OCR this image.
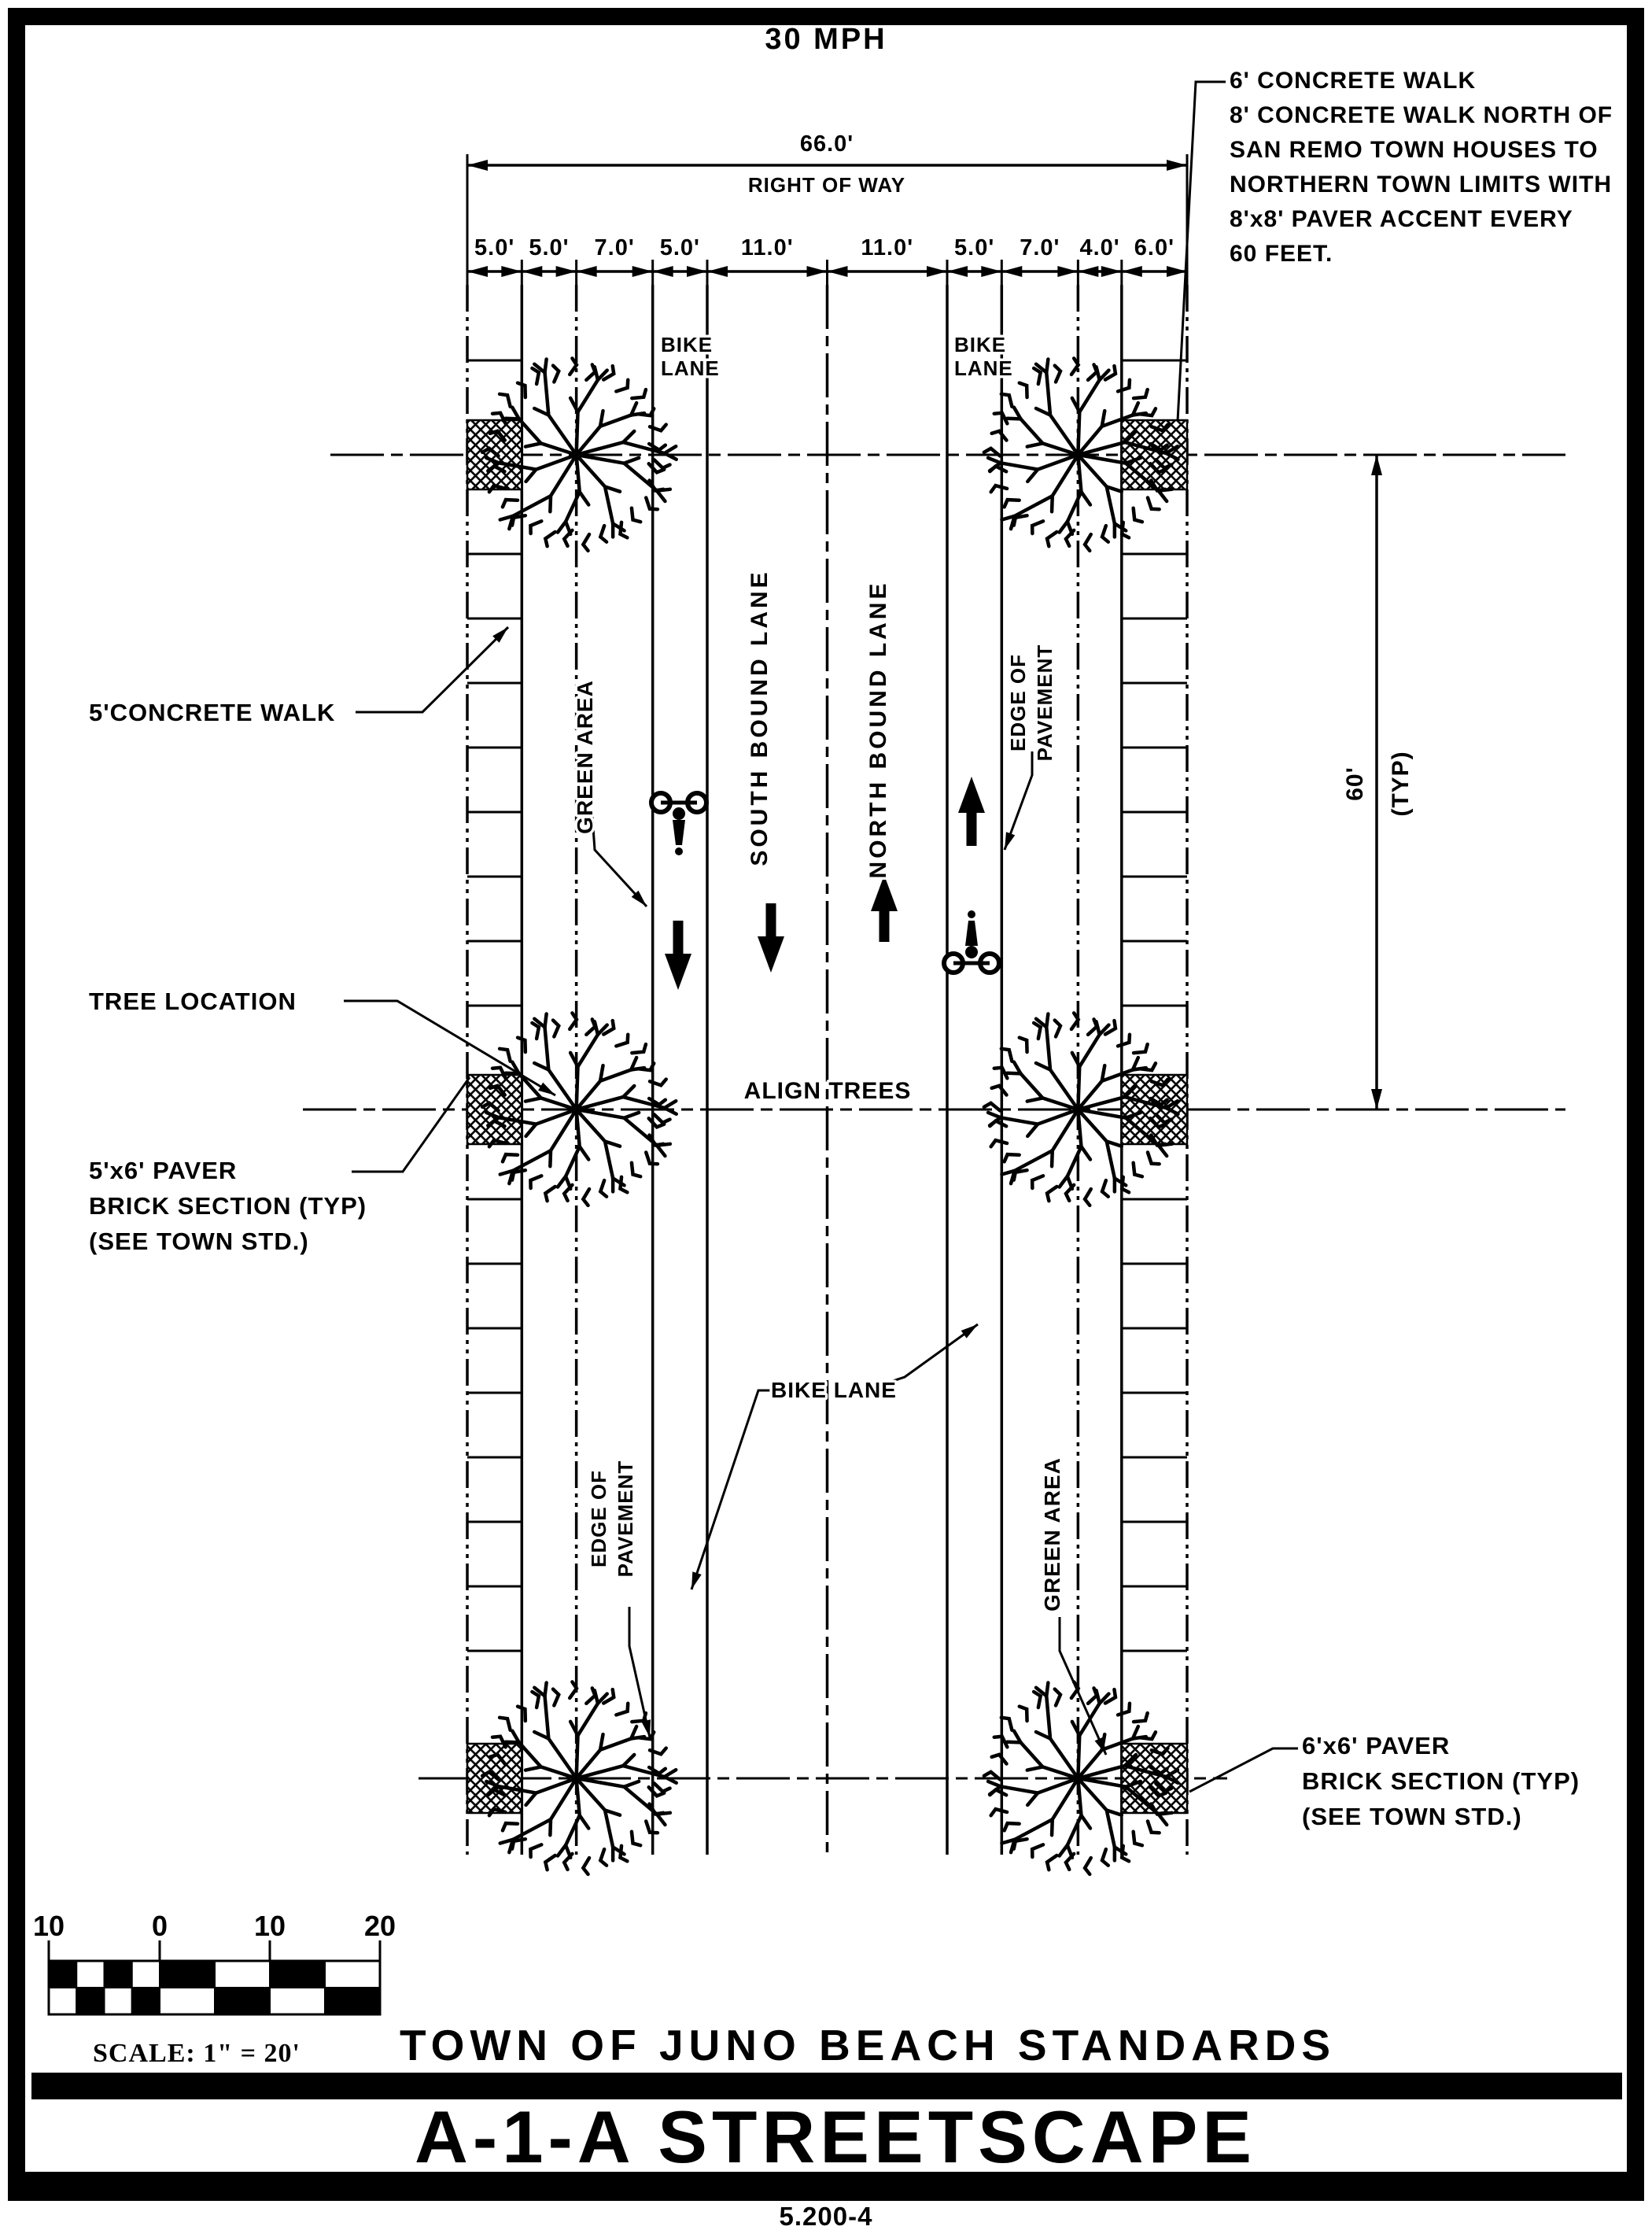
5.0' 5.0' 7.0' 5.0' 11.0'	11.0' 5.0' 7.0' 4.0' 6.0'
30 MPH
66.0'
RIGHT OF WAY
6' CONCRETE WALK
8' CONCRETE WALK NORTH OF
SAN REMO TOWN HOUSES TO
NORTHERN TOWN LIMITS WITH
8'x8' PAVER ACCENT EVERY
60 FEET.
60' (TYP)
BIKE
LANE
BIKE
LANE
GREEN AREA	SOUTH BOUND LANE	NORTH BOUND LANE	EDGE OF PAVEMENT
EDGE OF PAVEMENT	GREEN AREA
ALIGN TREES
BIKE LANE
5'CONCRETE WALK
TREE LOCATION
5'x6' PAVER
BRICK SECTION (TYP)
(SEE TOWN STD.)
6'x6' PAVER
BRICK SECTION (TYP)
(SEE TOWN STD.)
10	0	10	20
SCALE: 1" = 20' TOWN OF JUNO BEACH STANDARDS
A-1-A STREETSCAPE
5.200-4
